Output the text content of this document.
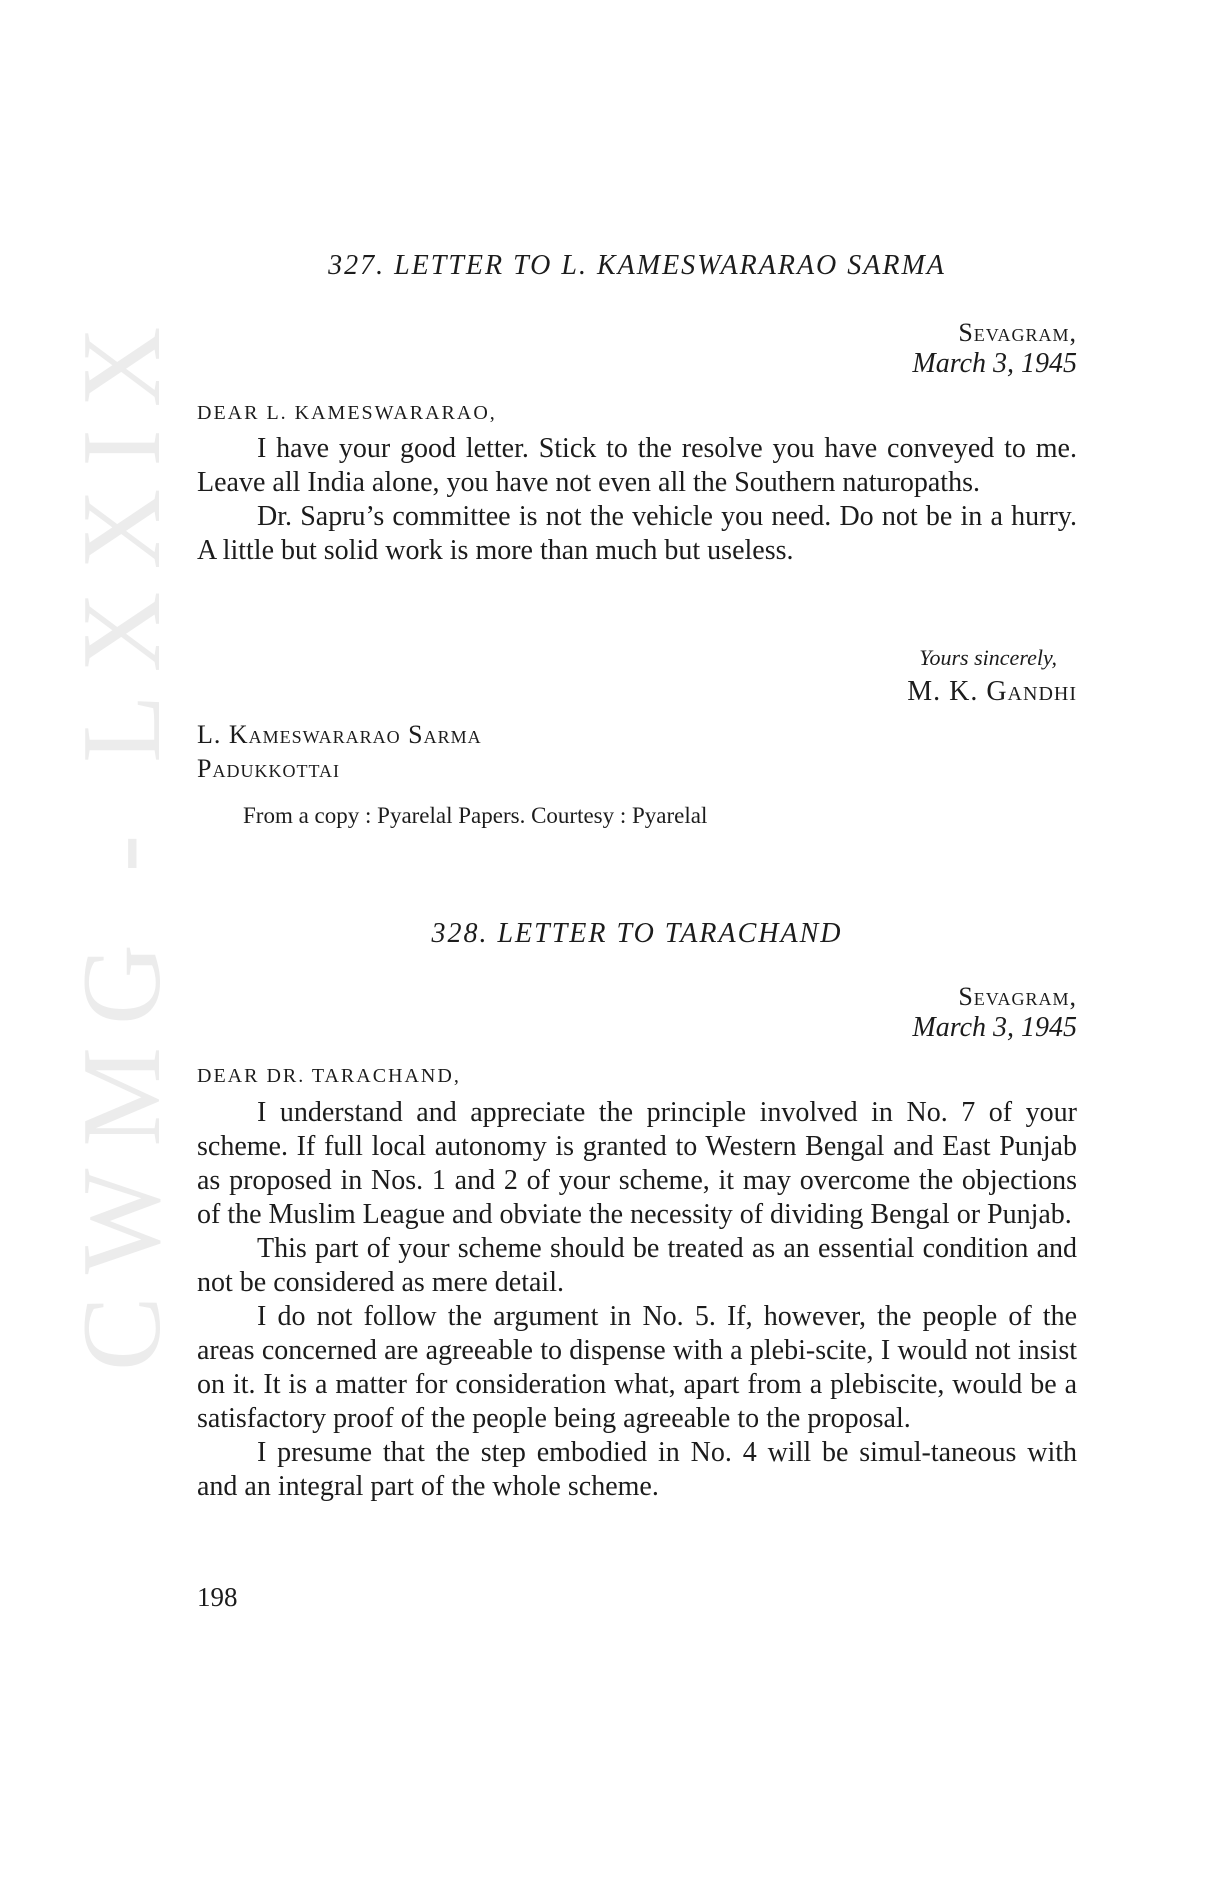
CWMG - LXXIX
327. LETTER TO L. KAMESWARARAO SARMA
Sevagram,
March 3, 1945
DEAR L. KAMESWARARAO,

I have your good letter. Stick to the resolve you have conveyed to me. Leave all India alone, you have not even all the Southern naturopaths.

Dr. Sapru’s committee is not the vehicle you need. Do not be in a hurry. A little but solid work is more than much but useless.

Yours sincerely,
M. K. Gandhi
L. Kameswararao Sarma
Padukkottai
From a copy : Pyarelal Papers. Courtesy : Pyarelal
328. LETTER TO TARACHAND
Sevagram,
March 3, 1945
DEAR DR. TARACHAND,

I understand and appreciate the principle involved in No. 7 of your scheme. If full local autonomy is granted to Western Bengal and East Punjab as proposed in Nos. 1 and 2 of your scheme, it may overcome the objections of the Muslim League and obviate the necessity of dividing Bengal or Punjab.

This part of your scheme should be treated as an essential condition and not be considered as mere detail.

I do not follow the argument in No. 5. If, however, the people of the areas concerned are agreeable to dispense with a plebi-scite, I would not insist on it. It is a matter for consideration what, apart from a plebiscite, would be a satisfactory proof of the people being agreeable to the proposal.

I presume that the step embodied in No. 4 will be simul-taneous with and an integral part of the whole scheme.

198
